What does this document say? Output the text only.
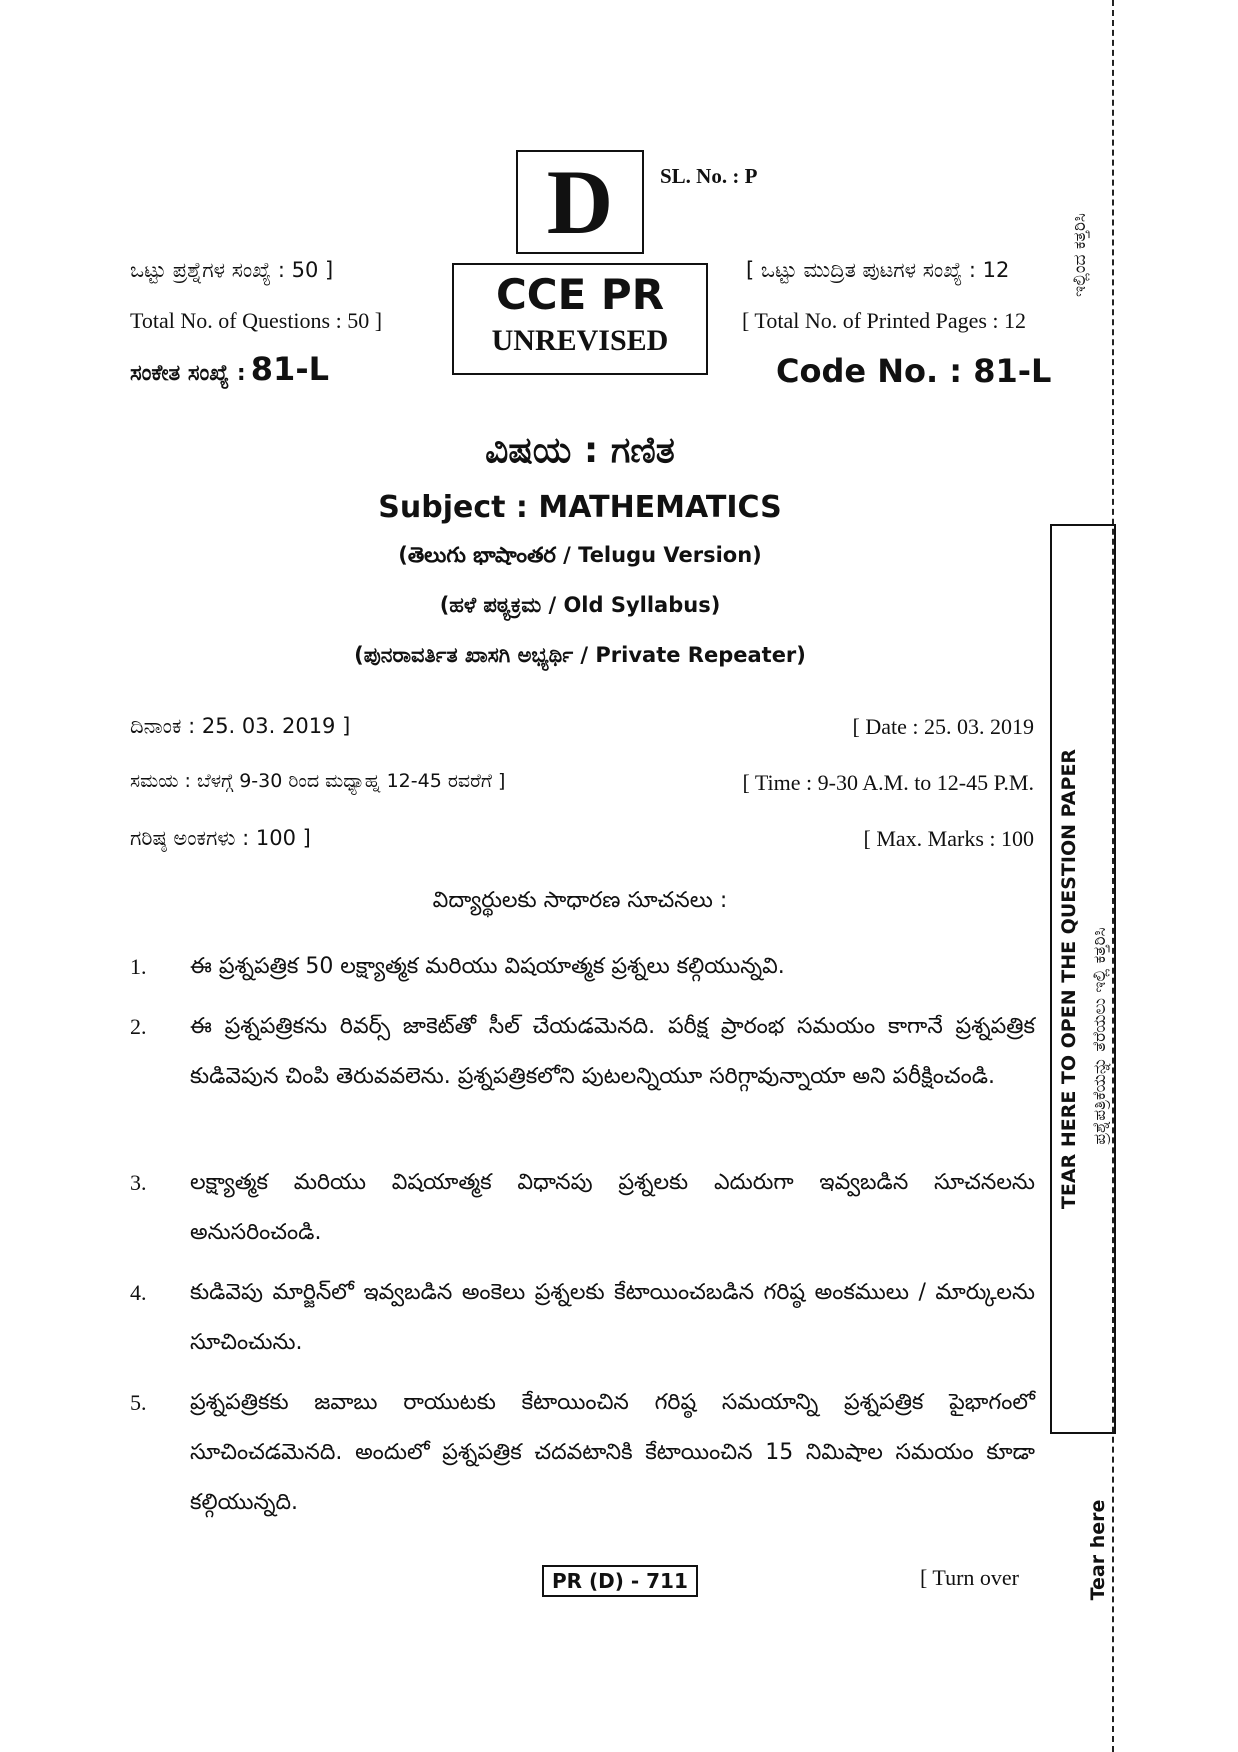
D	SL. No. : P
CCE PR
UNREVISED
ಒಟ್ಟು ಪ್ರಶ್ನೆಗಳ ಸಂಖ್ಯೆ : 50 ]
Total No. of Questions : 50 ]
ಸಂಕೇತ ಸಂಖ್ಯೆ : 81-L
[ ಒಟ್ಟು ಮುದ್ರಿತ ಪುಟಗಳ ಸಂಖ್ಯೆ : 12
[ Total No. of Printed Pages : 12
Code No. : 81-L
ವಿಷಯ : ಗಣಿತ
Subject : MATHEMATICS
(తెలుగు భాషాంతర / Telugu Version)
(ಹಳೆ ಪಠ್ಯಕ್ರಮ / Old Syllabus)
(ಪುನರಾವರ್ತಿತ ಖಾಸಗಿ ಅಭ್ಯರ್ಥಿ / Private Repeater)
ದಿನಾಂಕ : 25. 03. 2019 ]	[ Date : 25. 03. 2019
ಸಮಯ : ಬೆಳಗ್ಗೆ 9-30 ರಿಂದ ಮಧ್ಯಾಹ್ನ 12-45 ರವರೆಗೆ ]	[ Time : 9-30 A.M. to 12-45 P.M.
ಗರಿಷ್ಠ ಅಂಕಗಳು : 100 ]	[ Max. Marks : 100
విద్యార్థులకు సాధారణ సూచనలు :
1. ఈ ప్రశ్నపత్రిక 50 లక్ష్యాత్మక మరియు విషయాత్మక ప్రశ్నలు కల్గియున్నవి.
2. ఈ ప్రశ్నపత్రికను రివర్స్ జాకెట్‌తో సీల్ చేయడమెనది. పరీక్ష ప్రారంభ సమయం కాగానే ప్రశ్నపత్రిక కుడివెపున చింపి తెరువవలెను. ప్రశ్నపత్రికలోని పుటలన్నియూ సరిగ్గావున్నాయా అని పరీక్షించండి.
3. లక్ష్యాత్మక మరియు విషయాత్మక విధానపు ప్రశ్నలకు ఎదురుగా ఇవ్వబడిన సూచనలను అనుసరించండి.
4. కుడివెపు మార్జిన్‌లో ఇవ్వబడిన అంకెలు ప్రశ్నలకు కేటాయించబడిన గరిష్ఠ అంకములు / మార్కులను సూచించును.
5. ప్రశ్నపత్రికకు జవాబు రాయుటకు కేటాయించిన గరిష్ఠ సమయాన్ని ప్రశ్నపత్రిక పైభాగంలో సూచించడమెనది. అందులో ప్రశ్నపత్రిక చదవటానికి కేటాయించిన 15 నిమిషాల సమయం కూడా కల్గియున్నది.
ಇಲ್ಲಿಂದ ಕತ್ತರಿಸಿ
TEAR HERE TO OPEN THE QUESTION PAPER ಪ್ರಶ್ನೆಪತ್ರಿಕೆಯನ್ನು ತೆರೆಯಲು ಇಲ್ಲಿ ಕತ್ತರಿಸಿ
Tear here
PR (D) - 711	[ Turn over
